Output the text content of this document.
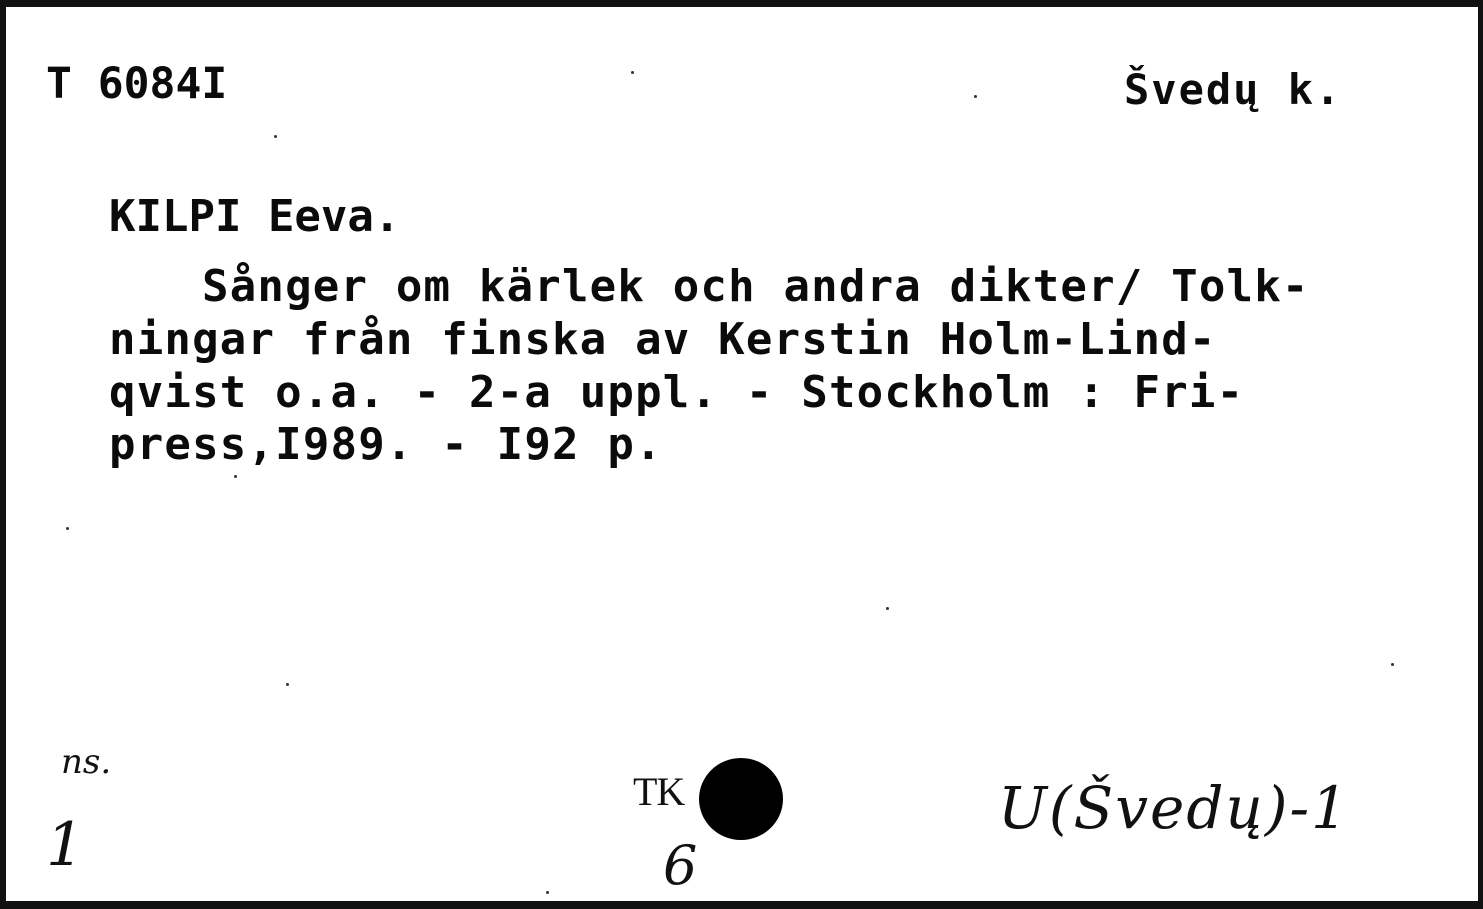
T 6084I	Švedų k.
KILPI Eeva.
Sånger om kärlek och andra dikter/ Tolk-
ningar från finska av Kerstin Holm-Lind-
qvist o.a. - 2-a uppl. - Stockholm : Fri-
press,I989. - I92 p.
ns.
1
TK
6
U(Švedų)-1
